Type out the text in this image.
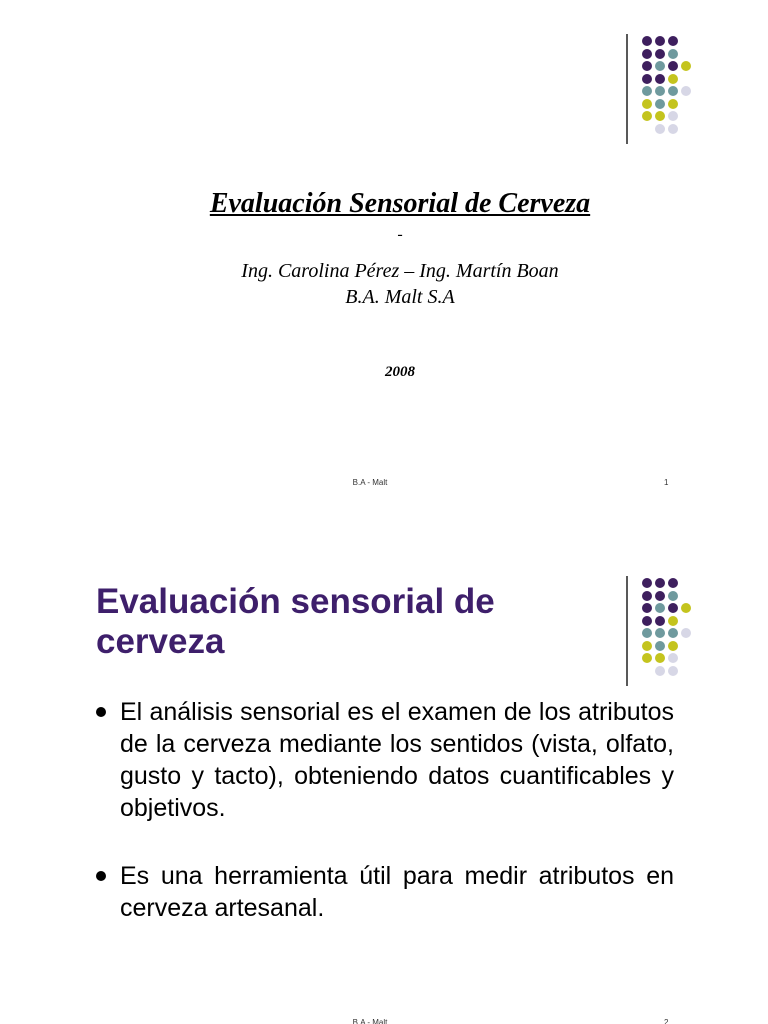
Evaluación Sensorial de Cerveza
-
Ing. Carolina Pérez – Ing. Martín Boan
B.A. Malt S.A
2008
B.A - Malt	1
Evaluación sensorial de cerveza
El análisis sensorial es el examen de los atributos de la cerveza mediante los sentidos (vista, olfato, gusto y tacto), obteniendo datos cuantificables y objetivos.
Es una herramienta útil para medir atributos en cerveza artesanal.
B.A - Malt	2
